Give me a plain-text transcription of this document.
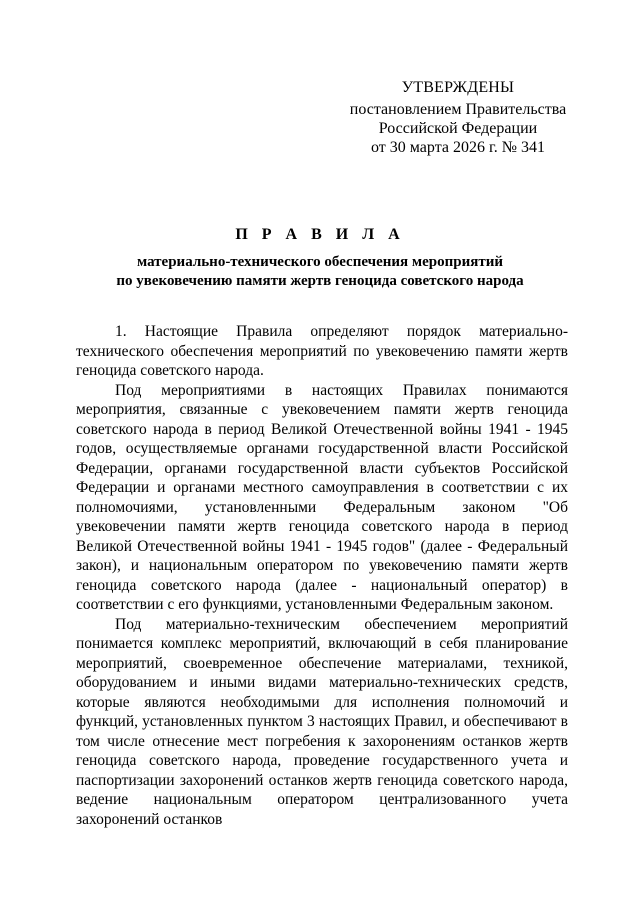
УТВЕРЖДЕНЫ
постановлением Правительства
Российской Федерации
от 30 марта 2026 г. № 341
П Р А В И Л А
материально-технического обеспечения мероприятий
по увековечению памяти жертв геноцида советского народа

1. Настоящие Правила определяют порядок материально-технического обеспечения мероприятий по увековечению памяти жертв геноцида советского народа.

Под мероприятиями в настоящих Правилах понимаются мероприятия, связанные с увековечением памяти жертв геноцида советского народа в период Великой Отечественной войны 1941 - 1945 годов, осуществляемые органами государственной власти Российской Федерации, органами государственной власти субъектов Российской Федерации и органами местного самоуправления в соответствии с их полномочиями, установленными Федеральным законом "Об увековечении памяти жертв геноцида советского народа в период Великой Отечественной войны 1941 - 1945 годов" (далее - Федеральный закон), и национальным оператором по увековечению памяти жертв геноцида советского народа (далее - национальный оператор) в соответствии с его функциями, установленными Федеральным законом.

Под материально-техническим обеспечением мероприятий понимается комплекс мероприятий, включающий в себя планирование мероприятий, своевременное обеспечение материалами, техникой, оборудованием и иными видами материально-технических средств, которые являются необходимыми для исполнения полномочий и функций, установленных пунктом 3 настоящих Правил, и обеспечивают в том числе отнесение мест погребения к захоронениям останков жертв геноцида советского народа, проведение государственного учета и паспортизации захоронений останков жертв геноцида советского народа, ведение национальным оператором централизованного учета захоронений останков
